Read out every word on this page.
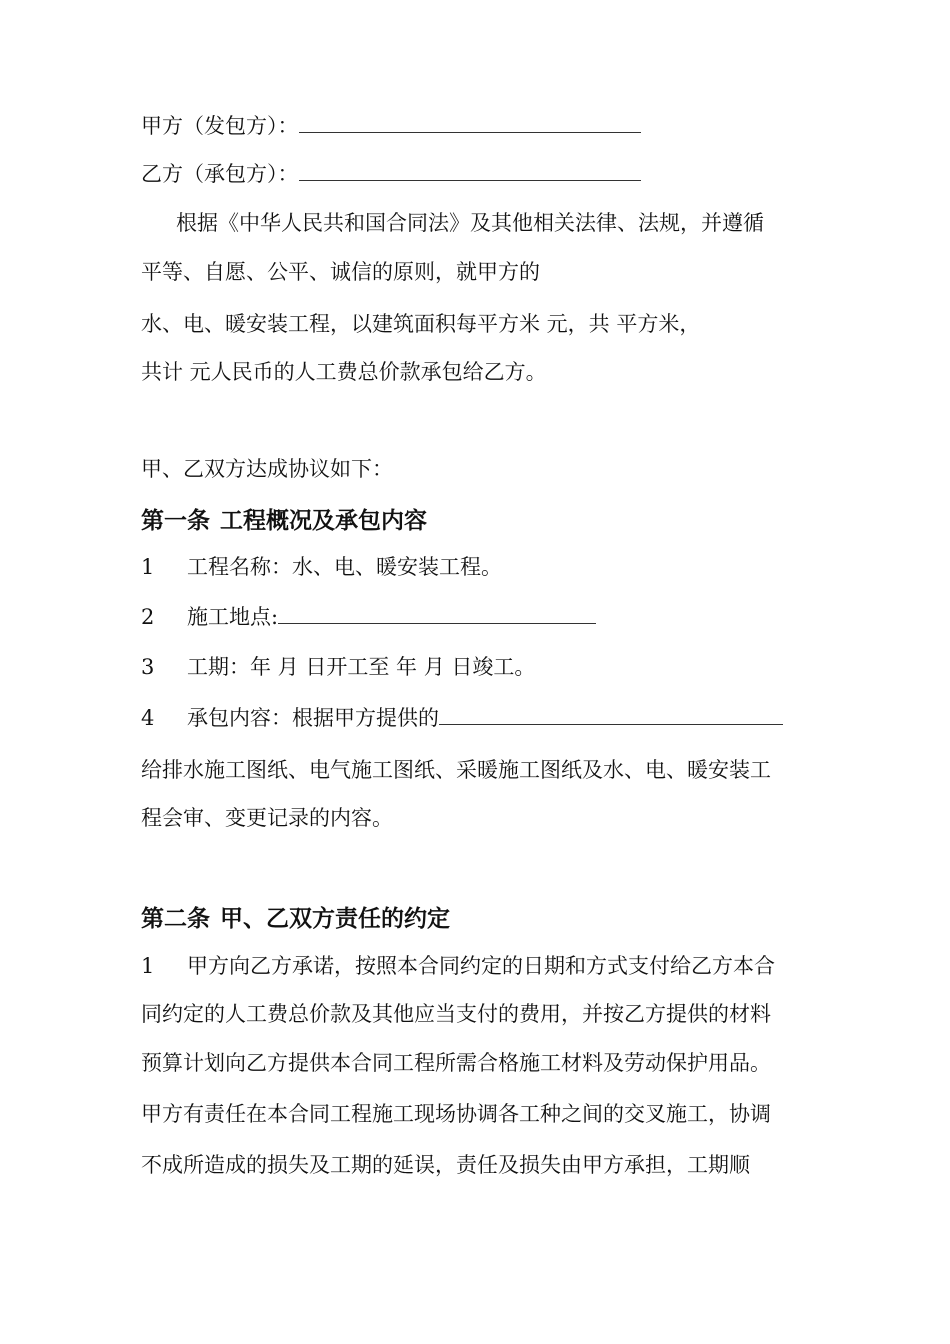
甲方（发包方）：
乙方（承包方）：
根据《中华人民共和国合同法》及其他相关法律、法规，并遵循
平等、自愿、公平、诚信的原则，就甲方的
水、电、暖安装工程，以建筑面积每平方米 元，共 平方米，
共计 元人民币的人工费总价款承包给乙方。
甲、乙双方达成协议如下：
第一条 工程概况及承包内容
1 工程名称：水、电、暖安装工程。
2 施工地点:
3 工期：年 月 日开工至 年 月 日竣工。
4 承包内容：根据甲方提供的
给排水施工图纸、电气施工图纸、采暖施工图纸及水、电、暖安装工
程会审、变更记录的内容。
第二条 甲、乙双方责任的约定
1 甲方向乙方承诺，按照本合同约定的日期和方式支付给乙方本合
同约定的人工费总价款及其他应当支付的费用，并按乙方提供的材料
预算计划向乙方提供本合同工程所需合格施工材料及劳动保护用品。
甲方有责任在本合同工程施工现场协调各工种之间的交叉施工，协调
不成所造成的损失及工期的延误，责任及损失由甲方承担，工期顺
